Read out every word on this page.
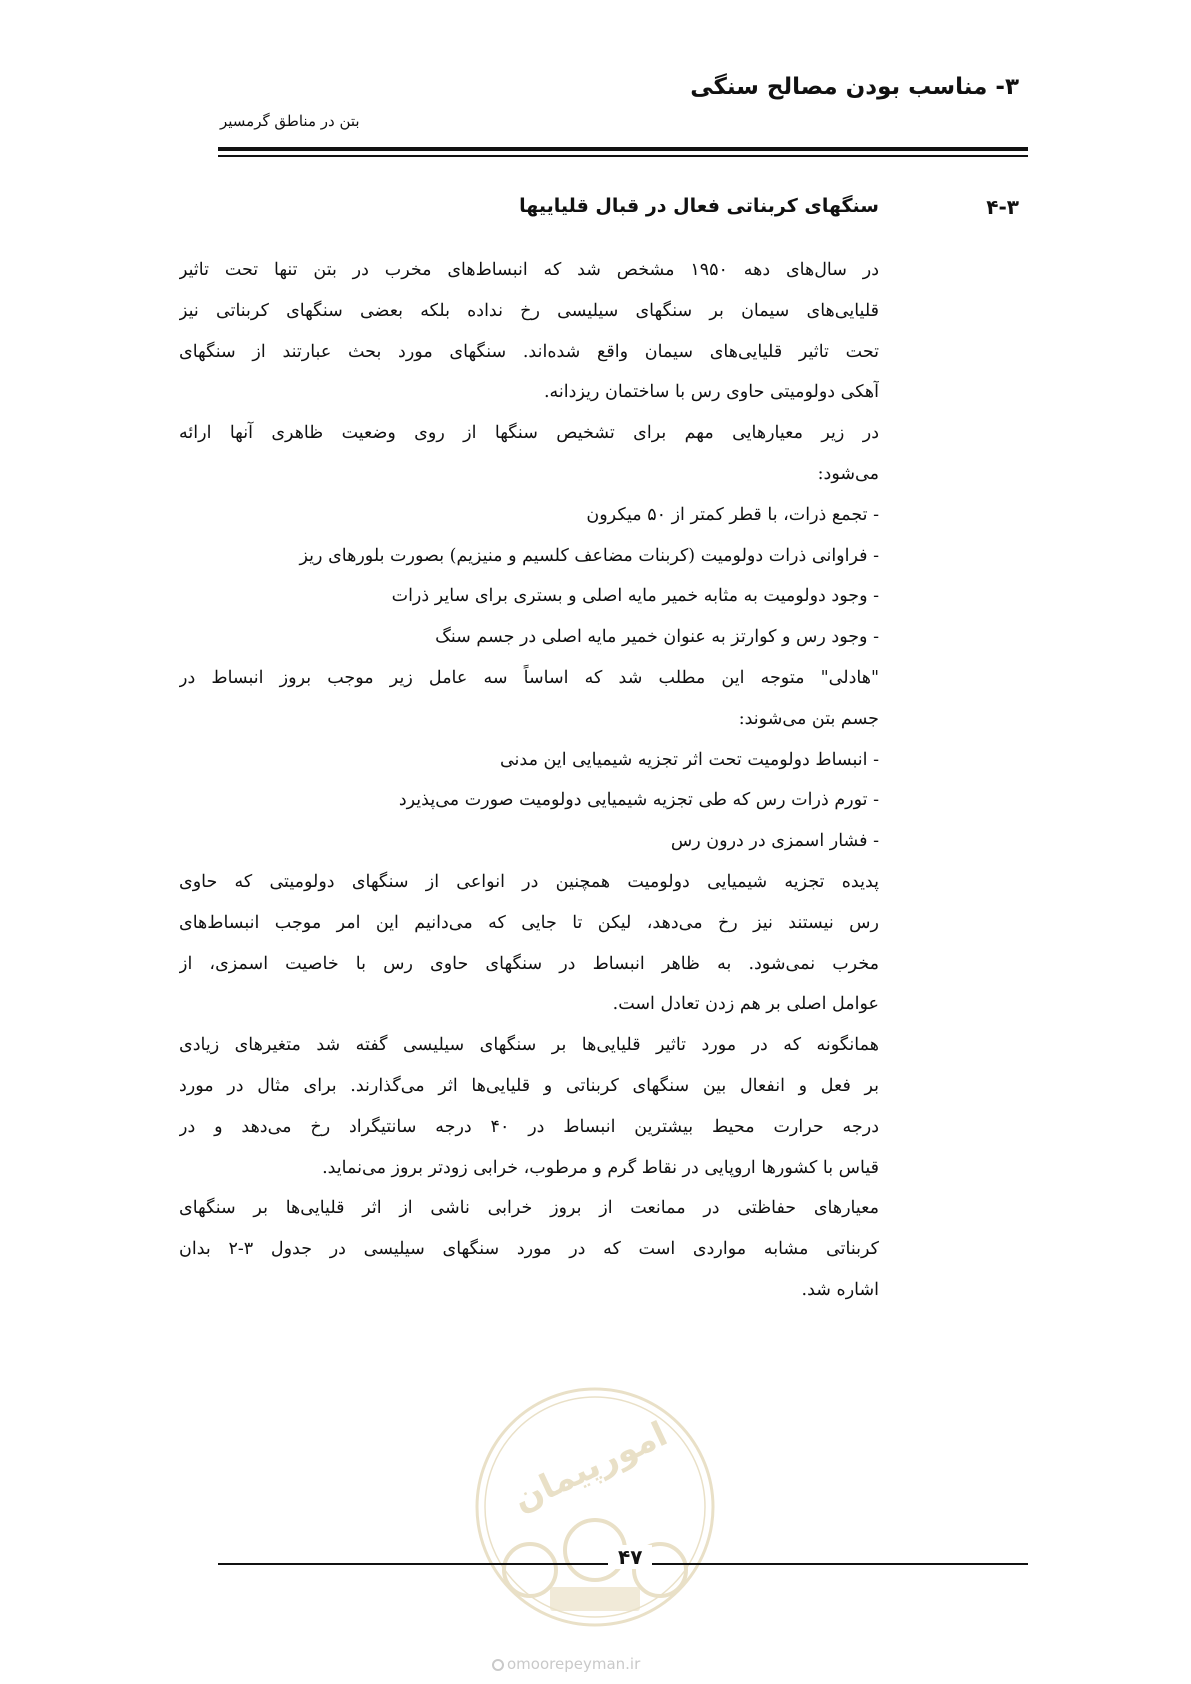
۳- مناسب بودن مصالح سنگی
بتن در مناطق گرمسیر
۴-۳
سنگهای کربناتی فعال در قبال قلیاییها
در سال‌های دهه ۱۹۵۰ مشخص شد که انبساط‌های مخرب در بتن تنها تحت تاثیر
قلیایی‌های سیمان بر سنگهای سیلیسی رخ نداده بلکه بعضی سنگهای کربناتی نیز
تحت تاثیر قلیایی‌های سیمان واقع شده‌اند. سنگهای مورد بحث عبارتند از سنگهای
آهکی دولومیتی حاوی رس با ساختمان ریزدانه.
در زیر معیارهایی مهم برای تشخیص سنگها از روی وضعیت ظاهری آنها ارائه
می‌شود:
- تجمع ذرات، با قطر کمتر از ۵۰ میکرون
- فراوانی ذرات دولومیت (کربنات مضاعف کلسیم و منیزیم) بصورت بلورهای ریز
- وجود دولومیت به مثابه خمیر مایه اصلی و بستری برای سایر ذرات
- وجود رس و کوارتز به عنوان خمیر مایه اصلی در جسم سنگ
"هادلی" متوجه این مطلب شد که اساساً سه عامل زیر موجب بروز انبساط در
جسم بتن می‌شوند:
- انبساط دولومیت تحت اثر تجزیه شیمیایی این مدنی
- تورم ذرات رس که طی تجزیه شیمیایی دولومیت صورت می‌پذیرد
- فشار اسمزی در درون رس
پدیده تجزیه شیمیایی دولومیت همچنین در انواعی از سنگهای دولومیتی که حاوی
رس نیستند نیز رخ می‌دهد، لیکن تا جایی که می‌دانیم این امر موجب انبساط‌های
مخرب نمی‌شود. به ظاهر انبساط در سنگهای حاوی رس با خاصیت اسمزی، از
عوامل اصلی بر هم زدن تعادل است.
همانگونه که در مورد تاثیر قلیایی‌ها بر سنگهای سیلیسی گفته شد متغیرهای زیادی
بر فعل و انفعال بین سنگهای کربناتی و قلیایی‌ها اثر می‌گذارند. برای مثال در مورد
درجه حرارت محیط بیشترین انبساط در ۴۰ درجه سانتیگراد رخ می‌دهد و در
قیاس با کشورها اروپایی در نقاط گرم و مرطوب، خرابی زودتر بروز می‌نماید.
معیارهای حفاظتی در ممانعت از بروز خرابی ناشی از اثر قلیایی‌ها بر سنگهای
کربناتی مشابه مواردی است که در مورد سنگهای سیلیسی در جدول ۳-۲ بدان
اشاره شد.
امورپیمان
۴۷
omoorepeyman.ir
